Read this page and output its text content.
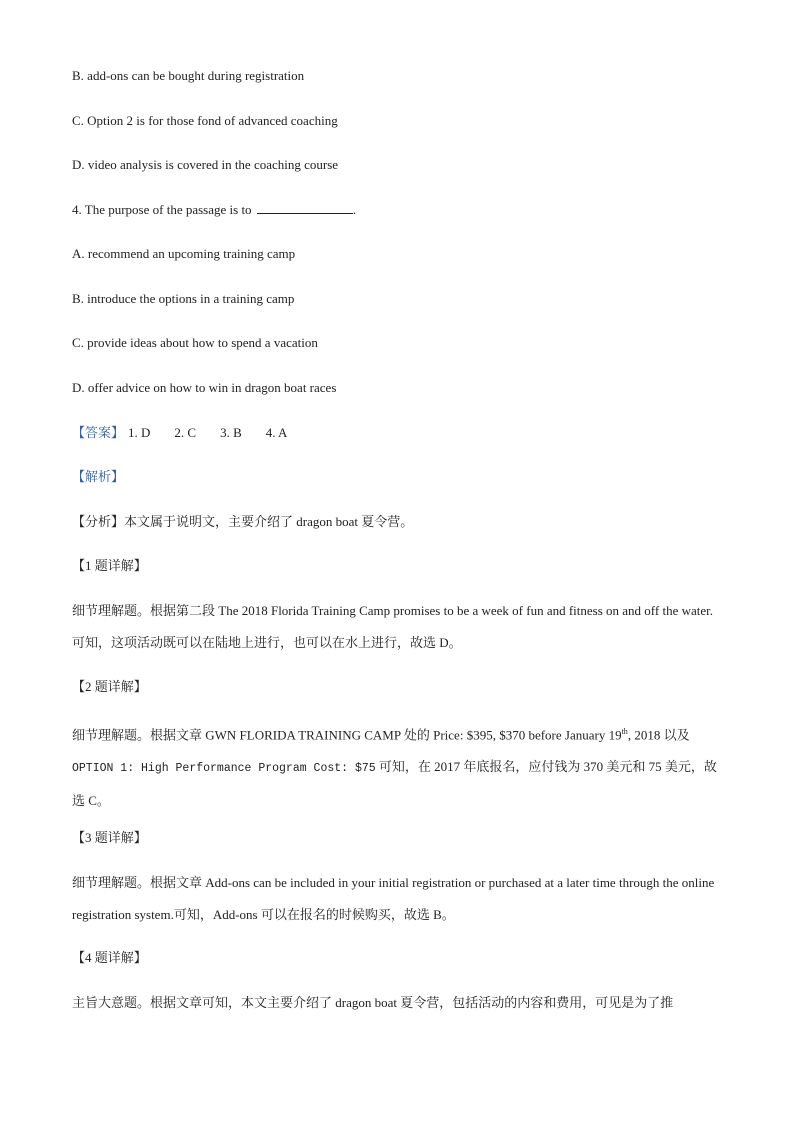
B. add-ons can be bought during registration
C. Option 2 is for those fond of advanced coaching
D. video analysis is covered in the coaching course
4. The purpose of the passage is to	.
A. recommend an upcoming training camp
B. introduce the options in a training camp
C. provide ideas about how to spend a vacation
D. offer advice on how to win in dragon boat races
【答案】 1. D 2. C 3. B 4. A
【解析】
【分析】本文属于说明文，主要介绍了 dragon boat 夏令营。
【1 题详解】
细节理解题。根据第二段 The 2018 Florida Training Camp promises to be a week of fun and fitness on and off the water.可知，这项活动既可以在陆地上进行，也可以在水上进行，故选 D。
【2 题详解】
细节理解题。根据文章 GWN FLORIDA TRAINING CAMP 处的 Price: $395, $370 before January 19th, 2018 以及 OPTION 1: High Performance Program Cost: $75 可知，在 2017 年底报名，应付钱为 370 美元和 75 美元，故选 C。
【3 题详解】
细节理解题。根据文章 Add-ons can be included in your initial registration or purchased at a later time through the online registration system.可知，Add-ons 可以在报名的时候购买，故选 B。
【4 题详解】
主旨大意题。根据文章可知，本文主要介绍了 dragon boat 夏令营，包括活动的内容和费用，可见是为了推
